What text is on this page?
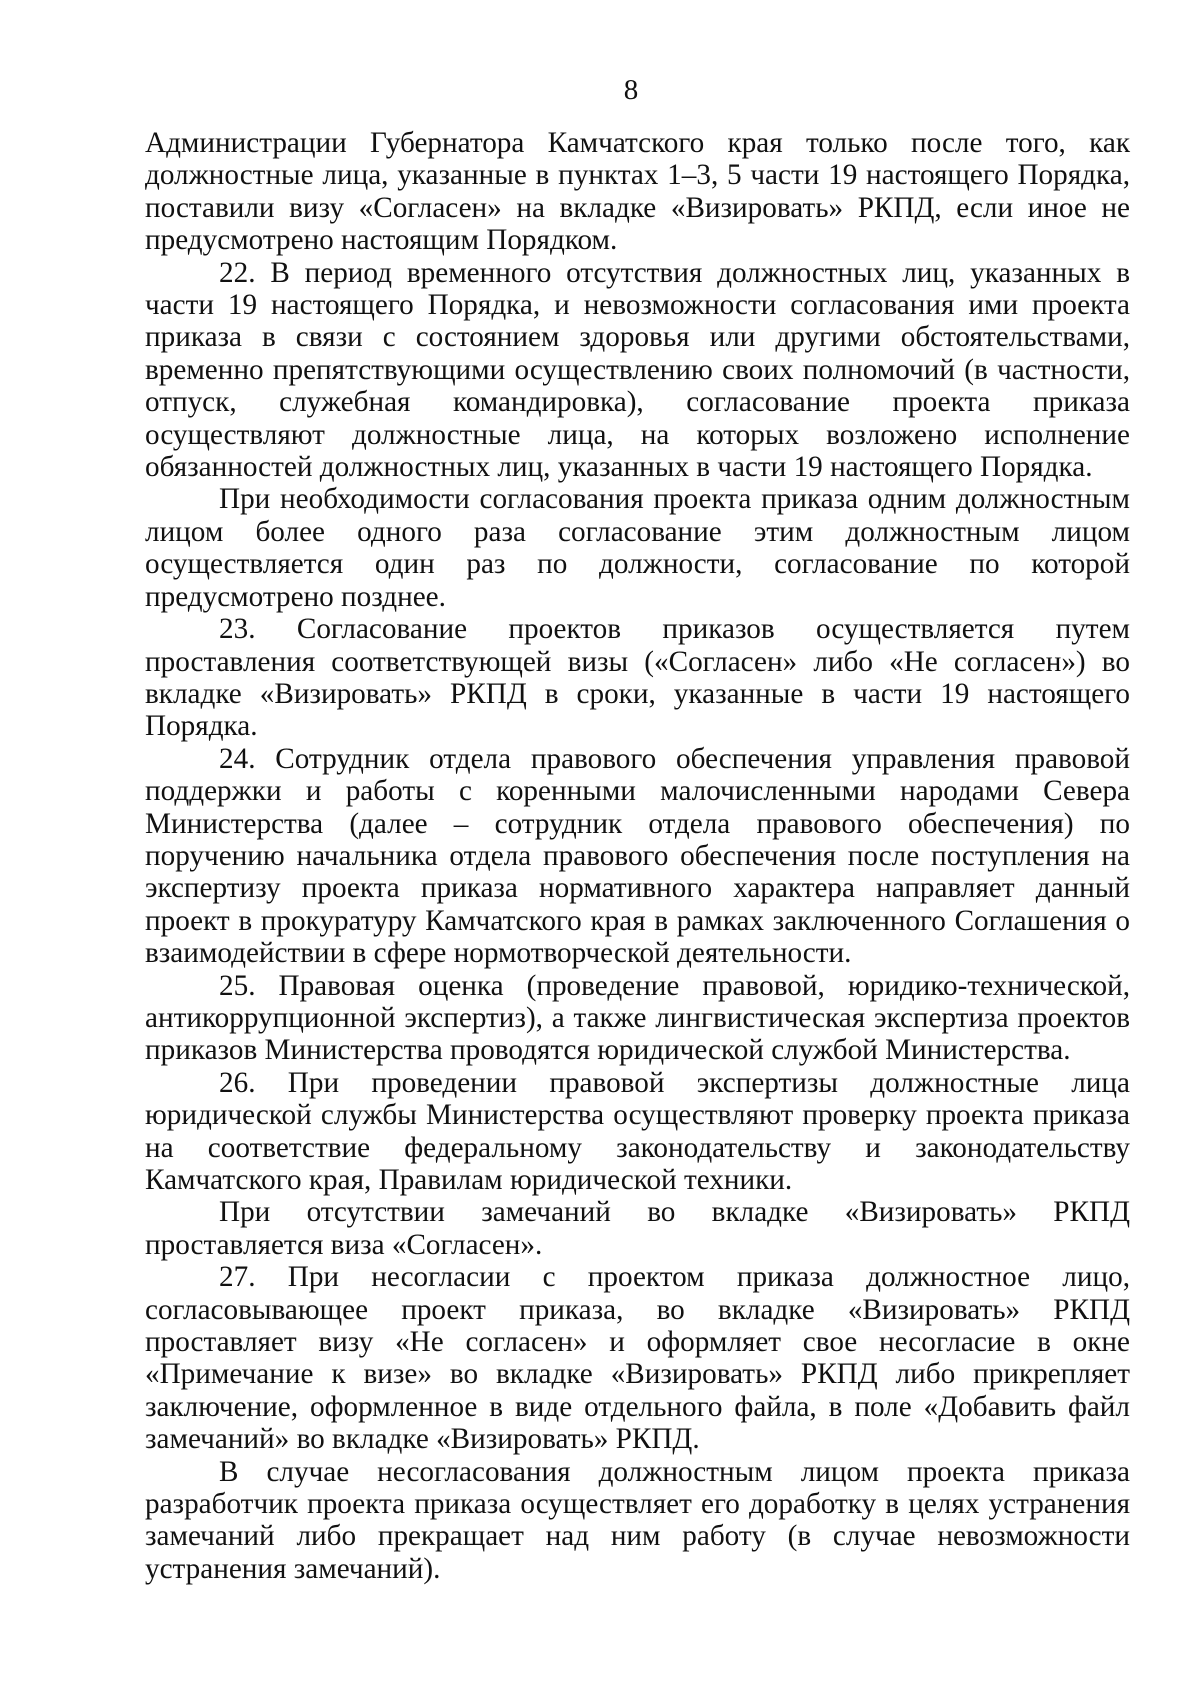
8

Администрации Губернатора Камчатского края только после того, как должностные лица, указанные в пунктах 1–3, 5 части 19 настоящего Порядка, поставили визу «Согласен» на вкладке «Визировать» РКПД, если иное не предусмотрено настоящим Порядком.

22. В период временного отсутствия должностных лиц, указанных в части 19 настоящего Порядка, и невозможности согласования ими проекта приказа в связи с состоянием здоровья или другими обстоятельствами, временно препятствующими осуществлению своих полномочий (в частности, отпуск, служебная командировка), согласование проекта приказа осуществляют должностные лица, на которых возложено исполнение обязанностей должностных лиц, указанных в части 19 настоящего Порядка.

При необходимости согласования проекта приказа одним должностным лицом более одного раза согласование этим должностным лицом осуществляется один раз по должности, согласование по которой предусмотрено позднее.

23. Согласование проектов приказов осуществляется путем проставления соответствующей визы («Согласен» либо «Не согласен») во вкладке «Визировать» РКПД в сроки, указанные в части 19 настоящего Порядка.

24. Сотрудник отдела правового обеспечения управления правовой поддержки и работы с коренными малочисленными народами Севера Министерства (далее – сотрудник отдела правового обеспечения) по поручению начальника отдела правового обеспечения после поступления на экспертизу проекта приказа нормативного характера направляет данный проект в прокуратуру Камчатского края в рамках заключенного Соглашения о взаимодействии в сфере нормотворческой деятельности.

25. Правовая оценка (проведение правовой, юридико-технической, антикоррупционной экспертиз), а также лингвистическая экспертиза проектов приказов Министерства проводятся юридической службой Министерства.

26. При проведении правовой экспертизы должностные лица юридической службы Министерства осуществляют проверку проекта приказа на соответствие федеральному законодательству и законодательству Камчатского края, Правилам юридической техники.

При отсутствии замечаний во вкладке «Визировать» РКПД проставляется виза «Согласен».

27. При несогласии с проектом приказа должностное лицо, согласовывающее проект приказа, во вкладке «Визировать» РКПД проставляет визу «Не согласен» и оформляет свое несогласие в окне «Примечание к визе» во вкладке «Визировать» РКПД либо прикрепляет заключение, оформленное в виде отдельного файла, в поле «Добавить файл замечаний» во вкладке «Визировать» РКПД.

В случае несогласования должностным лицом проекта приказа разработчик проекта приказа осуществляет его доработку в целях устранения замечаний либо прекращает над ним работу (в случае невозможности устранения замечаний).
